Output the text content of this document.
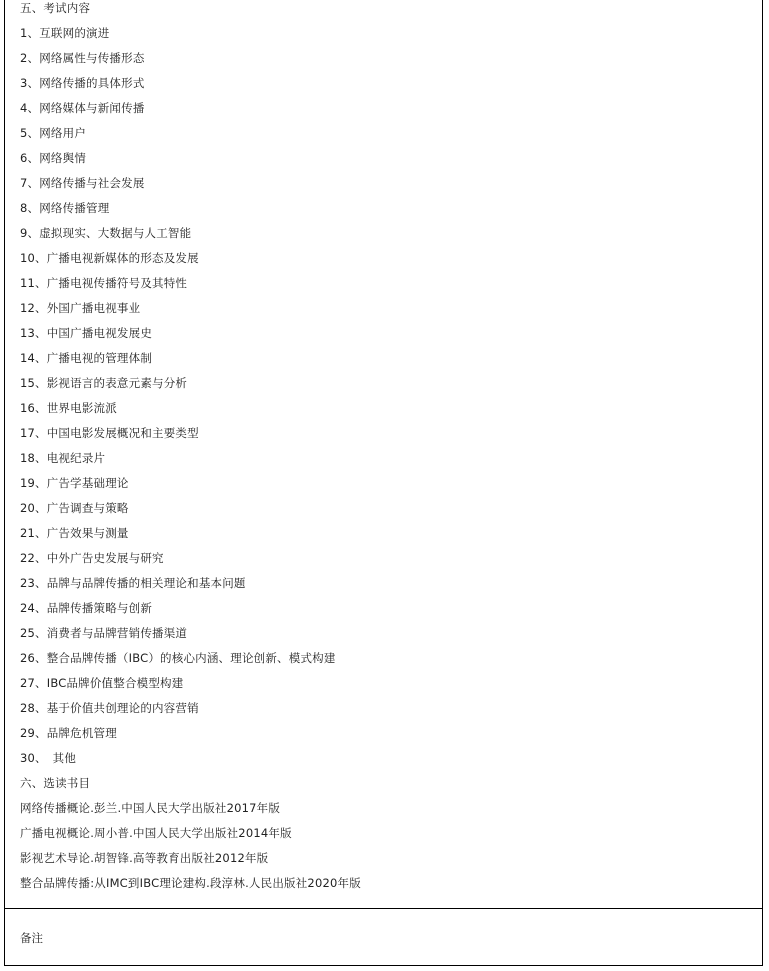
五、考试内容
1、互联网的演进
2、网络属性与传播形态
3、网络传播的具体形式
4、网络媒体与新闻传播
5、网络用户
6、网络舆情
7、网络传播与社会发展
8、网络传播管理
9、虚拟现实、大数据与人工智能
10、广播电视新媒体的形态及发展
11、广播电视传播符号及其特性
12、外国广播电视事业
13、中国广播电视发展史
14、广播电视的管理体制
15、影视语言的表意元素与分析
16、世界电影流派
17、中国电影发展概况和主要类型
18、电视纪录片
19、广告学基础理论
20、广告调查与策略
21、广告效果与测量
22、中外广告史发展与研究
23、品牌与品牌传播的相关理论和基本问题
24、品牌传播策略与创新
25、消费者与品牌营销传播渠道
26、整合品牌传播（IBC）的核心内涵、理论创新、模式构建
27、IBC品牌价值整合模型构建
28、基于价值共创理论的内容营销
29、品牌危机管理
30、　其他
六、选读书目
网络传播概论.彭兰.中国人民大学出版社2017年版
广播电视概论.周小普.中国人民大学出版社2014年版
影视艺术导论.胡智锋.高等教育出版社2012年版
整合品牌传播:从IMC到IBC理论建构.段淳林.人民出版社2020年版
备注
